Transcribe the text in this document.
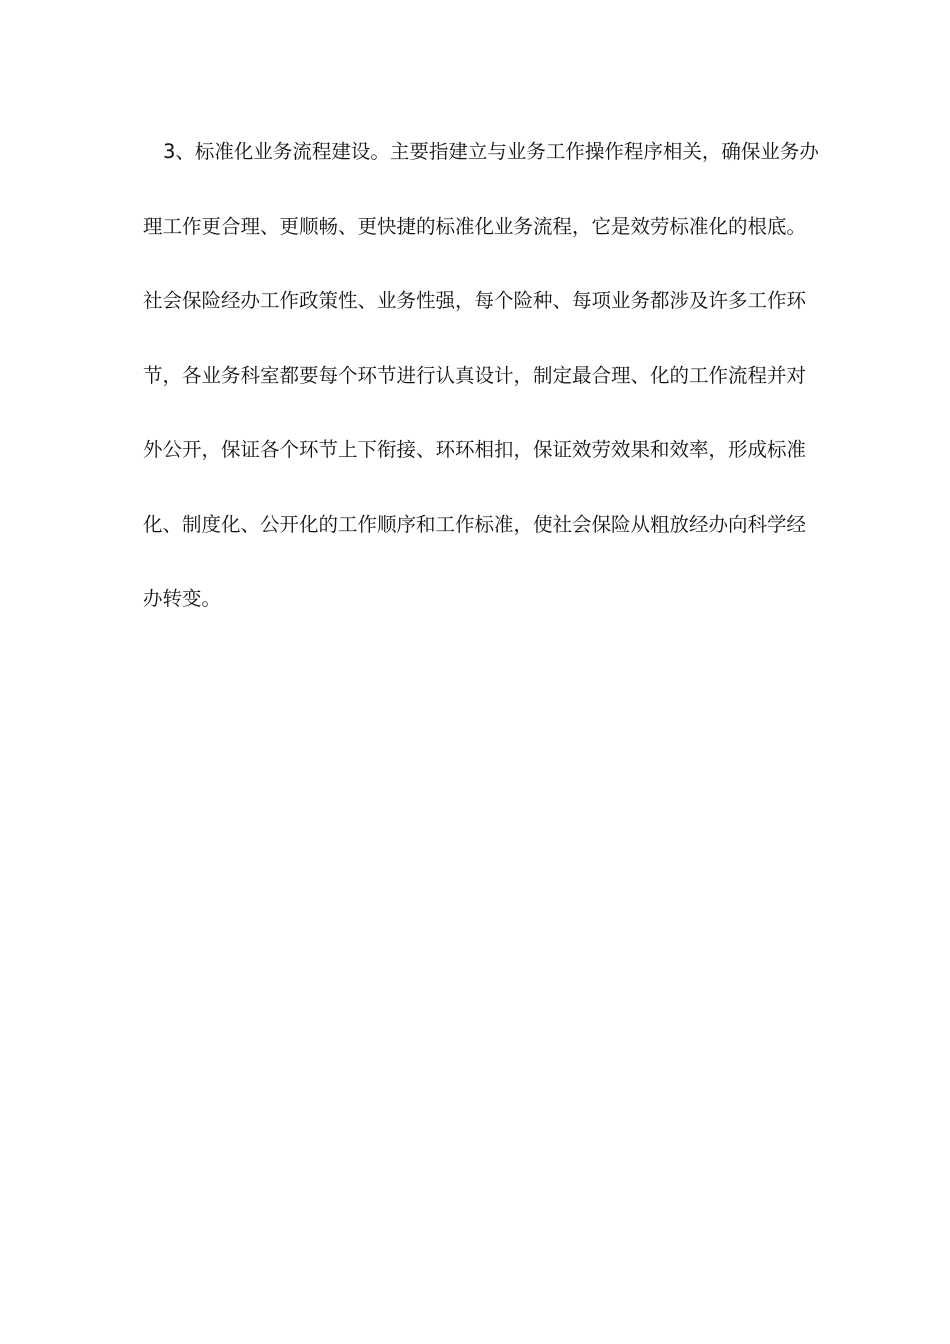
3、标准化业务流程建设。主要指建立与业务工作操作程序相关，确保业务办
理工作更合理、更顺畅、更快捷的标准化业务流程，它是效劳标准化的根底。
社会保险经办工作政策性、业务性强，每个险种、每项业务都涉及许多工作环
节，各业务科室都要每个环节进行认真设计，制定最合理、化的工作流程并对
外公开，保证各个环节上下衔接、环环相扣，保证效劳效果和效率，形成标准
化、制度化、公开化的工作顺序和工作标准，使社会保险从粗放经办向科学经
办转变。
